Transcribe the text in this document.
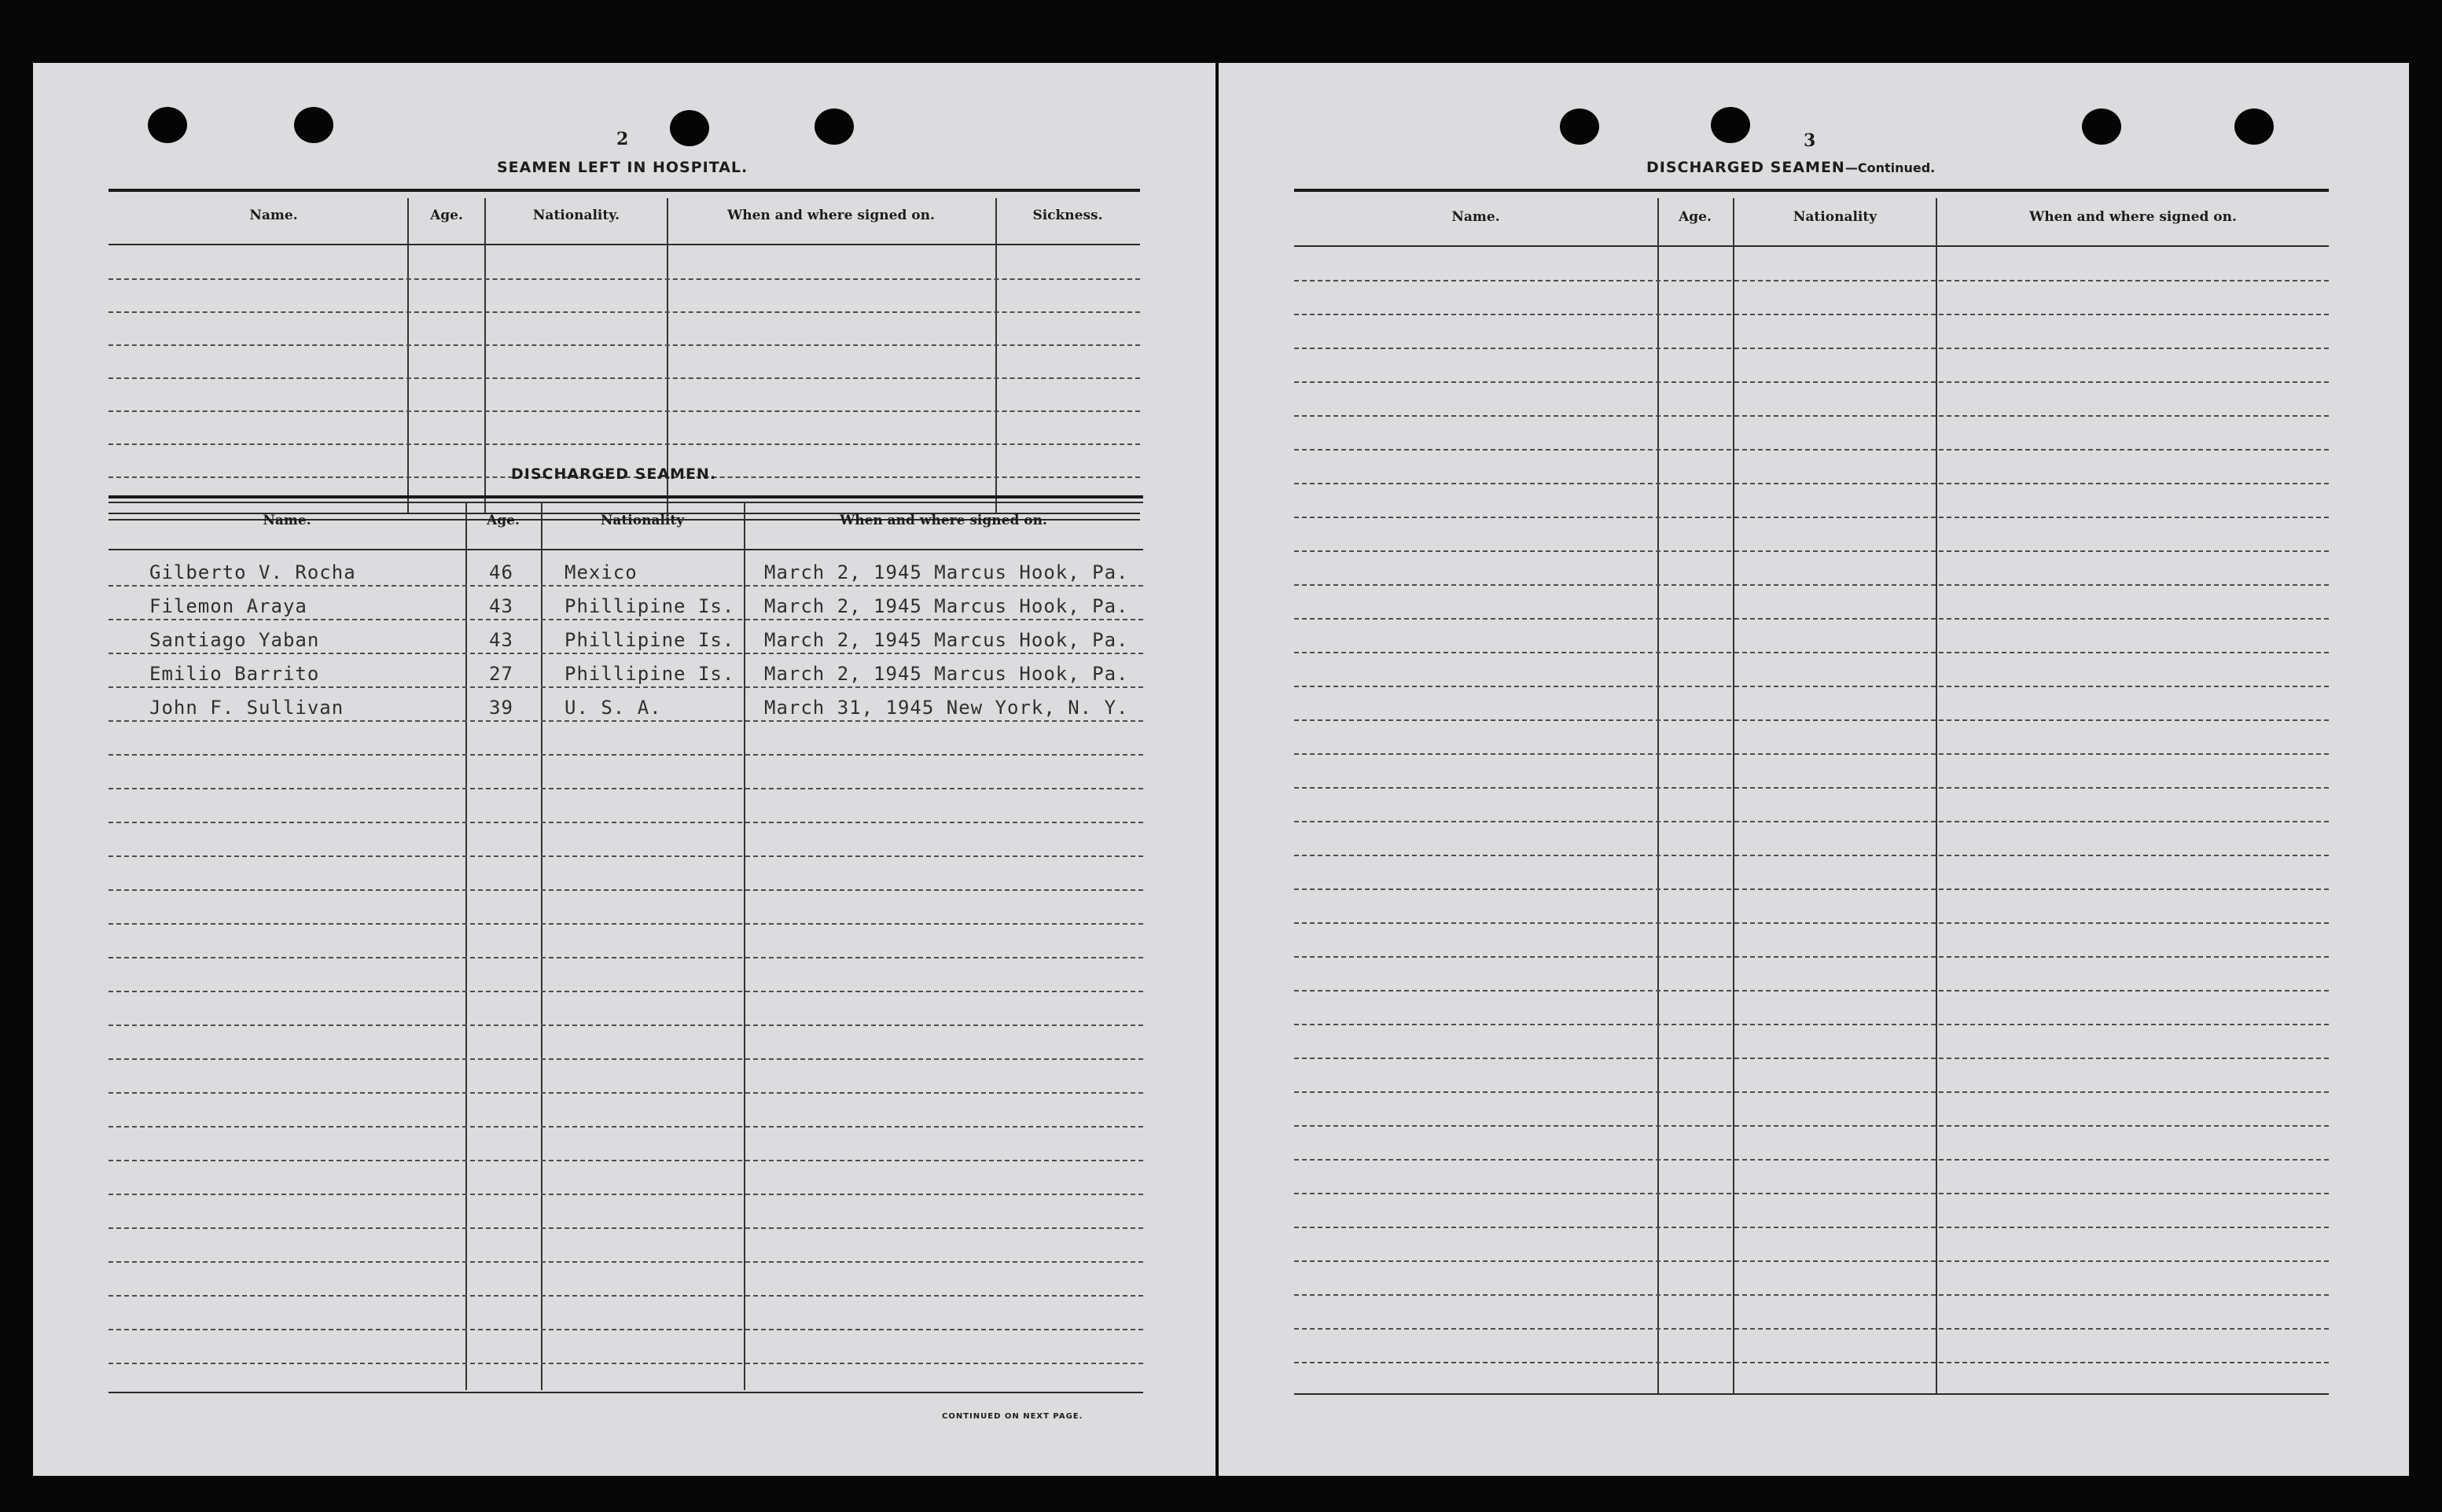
2
SEAMEN LEFT IN HOSPITAL.
Name.	Age.	Nationality.	When and where signed on.	Sickness.
DISCHARGED SEAMEN.
Name.	Age.	Nationality	When and where signed on.
Gilberto V. Rocha	46	Mexico	March 2, 1945 Marcus Hook, Pa.
Filemon Araya	43	Phillipine Is. March 2, 1945 Marcus Hook, Pa.
Santiago Yaban	43	Phillipine Is. March 2, 1945 Marcus Hook, Pa.
Emilio Barrito	27	Phillipine Is. March 2, 1945 Marcus Hook, Pa.
John F. Sullivan	39	U. S. A.	March 31, 1945 New York, N. Y.
CONTINUED ON NEXT PAGE.
3
DISCHARGED SEAMEN—Continued.
Name.	Age.	Nationality	When and where signed on.
